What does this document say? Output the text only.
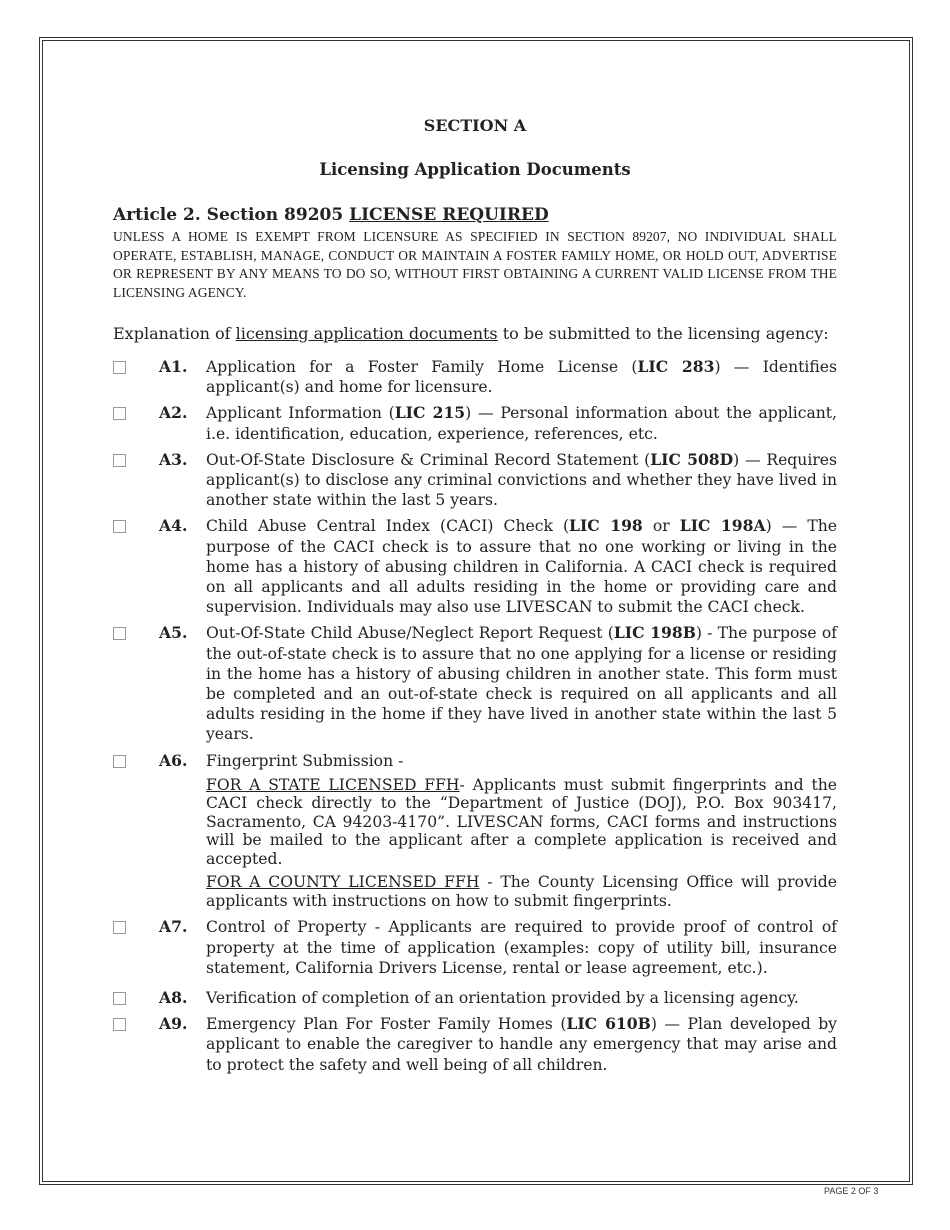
SECTION A
Licensing Application Documents
Article 2. Section 89205 LICENSE REQUIRED
UNLESS A HOME IS EXEMPT FROM LICENSURE AS SPECIFIED IN SECTION 89207, NO INDIVIDUAL SHALL OPERATE, ESTABLISH, MANAGE, CONDUCT OR MAINTAIN A FOSTER FAMILY HOME, OR HOLD OUT, ADVERTISE OR REPRESENT BY ANY MEANS TO DO SO, WITHOUT FIRST OBTAINING A CURRENT VALID LICENSE FROM THE LICENSING AGENCY.
Explanation of licensing application documents to be submitted to the licensing agency:
A1. Application for a Foster Family Home License (LIC 283) — Identifies applicant(s) and home for licensure.
A2. Applicant Information (LIC 215) — Personal information about the applicant, i.e. identification, education, experience, references, etc.
A3. Out-Of-State Disclosure & Criminal Record Statement (LIC 508D) — Requires applicant(s) to disclose any criminal convictions and whether they have lived in another state within the last 5 years.
A4. Child Abuse Central Index (CACI) Check (LIC 198 or LIC 198A) — The purpose of the CACI check is to assure that no one working or living in the home has a history of abusing children in California. A CACI check is required on all applicants and all adults residing in the home or providing care and supervision. Individuals may also use LIVESCAN to submit the CACI check.
A5. Out-Of-State Child Abuse/Neglect Report Request (LIC 198B) - The purpose of the out-of-state check is to assure that no one applying for a license or residing in the home has a history of abusing children in another state. This form must be completed and an out-of-state check is required on all applicants and all adults residing in the home if they have lived in another state within the last 5 years.
A6. Fingerprint Submission -
FOR A STATE LICENSED FFH- Applicants must submit fingerprints and the CACI check directly to the “Department of Justice (DOJ), P.O. Box 903417, Sacramento, CA 94203-4170”. LIVESCAN forms, CACI forms and instructions will be mailed to the applicant after a complete application is received and accepted.
FOR A COUNTY LICENSED FFH - The County Licensing Office will provide applicants with instructions on how to submit fingerprints.
A7. Control of Property - Applicants are required to provide proof of control of property at the time of application (examples: copy of utility bill, insurance statement, California Drivers License, rental or lease agreement, etc.).
A8. Verification of completion of an orientation provided by a licensing agency.
A9. Emergency Plan For Foster Family Homes (LIC 610B) — Plan developed by applicant to enable the caregiver to handle any emergency that may arise and to protect the safety and well being of all children.
PAGE 2 OF 3
